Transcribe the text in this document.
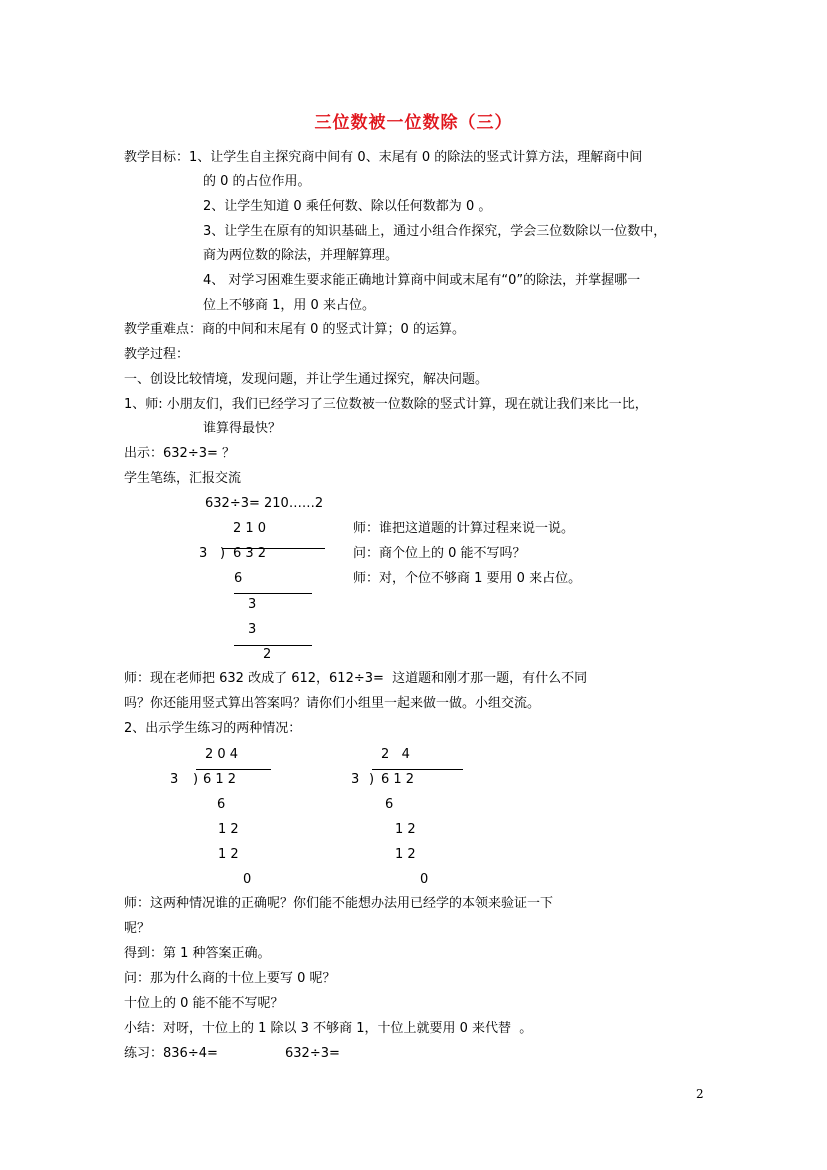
三位数被一位数除（三）
教学目标：1、让学生自主探究商中间有 0、末尾有 0 的除法的竖式计算方法，理解商中间
的 0 的占位作用。
2、让学生知道 0 乘任何数、除以任何数都为 0 。
3、让学生在原有的知识基础上，通过小组合作探究，学会三位数除以一位数中，
商为两位数的除法，并理解算理。
4、 对学习困难生要求能正确地计算商中间或末尾有“0”的除法，并掌握哪一
位上不够商 1，用 0 来占位。
教学重难点：商的中间和末尾有 0 的竖式计算；0 的运算。
教学过程：
一、创设比较情境，发现问题，并让学生通过探究，解决问题。
1、师: 小朋友们，我们已经学习了三位数被一位数除的竖式计算，现在就让我们来比一比，
谁算得最快？
出示：632÷3= ？
学生笔练，汇报交流
632÷3= 210……2
2 1 0
3 ) 6 3 2
6
3
3
2
师：谁把这道题的计算过程来说一说。
问：商个位上的 0 能不写吗？
师：对，个位不够商 1 要用 0 来占位。
师：现在老师把 632 改成了 612，612÷3=  这道题和刚才那一题，有什么不同
吗？你还能用竖式算出答案吗？请你们小组里一起来做一做。小组交流。
2、出示学生练习的两种情况：
2 0 4
3 ) 6 1 2
6
1 2
1 2
0
2   4
3 ) 6 1 2
6
1 2
1 2
0
师：这两种情况谁的正确呢？你们能不能想办法用已经学的本领来验证一下
呢？
得到：第 1 种答案正确。
问：那为什么商的十位上要写 0 呢？
十位上的 0 能不能不写呢？
小结：对呀，十位上的 1 除以 3 不够商 1，十位上就要用 0 来代替  。
练习：836÷4=	632÷3=
2
